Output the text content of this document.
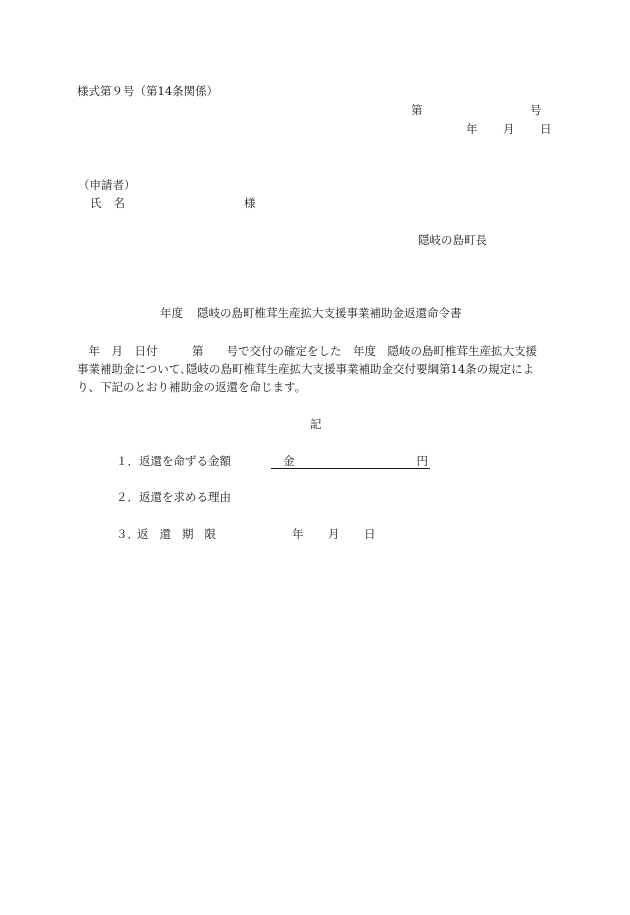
様式第９号（第14条関係）
第	号
年 月 日
（申請者）
氏名	様
隠岐の島町長
年度 隠岐の島町椎茸生産拡大支援事業補助金返還命令書
　年　月　日付　　　第　　号で交付の確定をした　年度　隠岐の島町椎茸生産拡大支援
事業補助金について､隠岐の島町椎茸生産拡大支援事業補助金交付要綱第14条の規定によ
り、下記のとおり補助金の返還を命じます。
記
１．返還を命ずる金額	金	円
２．返還を求める理由
３．
返還期限	年 月 日
